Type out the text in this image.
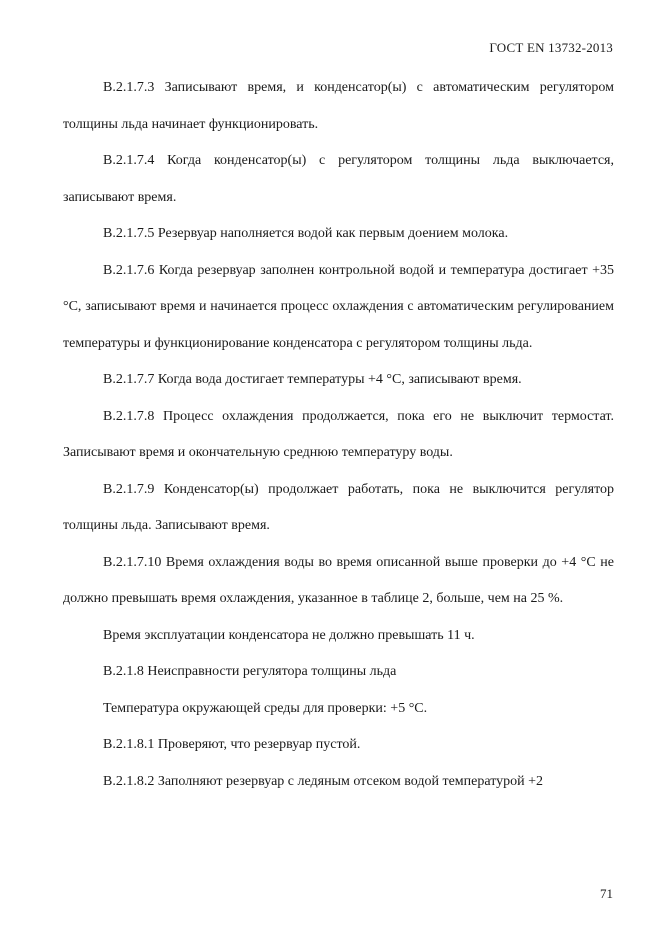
ГОСТ EN 13732-2013

В.2.1.7.3 Записывают время, и конденсатор(ы) с автоматическим регулятором толщины льда начинает функционировать.

В.2.1.7.4 Когда конденсатор(ы) с регулятором толщины льда выключается, записывают время.

В.2.1.7.5 Резервуар наполняется водой как первым доением молока.

В.2.1.7.6 Когда резервуар заполнен контрольной водой и температура достигает +35 °С, записывают время и начинается процесс охлаждения с автоматическим регулированием температуры и функционирование конденсатора с регулятором толщины льда.

В.2.1.7.7 Когда вода достигает температуры +4 °С, записывают время.

В.2.1.7.8 Процесс охлаждения продолжается, пока его не выключит термостат. Записывают время и окончательную среднюю температуру воды.

В.2.1.7.9 Конденсатор(ы) продолжает работать, пока не выключится регулятор толщины льда. Записывают время.

В.2.1.7.10 Время охлаждения воды во время описанной выше проверки до +4 °С не должно превышать время охлаждения, указанное в таблице 2, больше, чем на 25 %.

Время эксплуатации конденсатора не должно превышать 11 ч.

В.2.1.8 Неисправности регулятора толщины льда

Температура окружающей среды для проверки: +5 °С.

В.2.1.8.1 Проверяют, что резервуар пустой.

В.2.1.8.2 Заполняют резервуар с ледяным отсеком водой температурой +2

71
